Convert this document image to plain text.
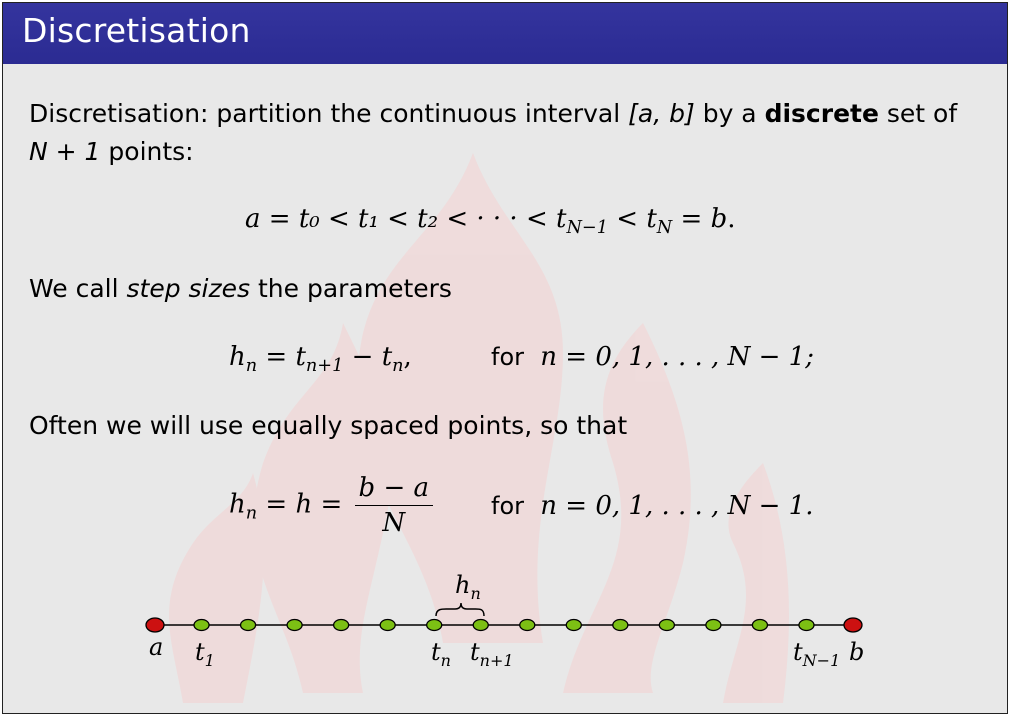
Discretisation
Discretisation: partition the continuous interval [a, b] by a discrete set of
N + 1 points:
a = t₀ < t₁ < t₂ < · · · < $t_{N-1} < t_N = b$.
We call step sizes the parameters
$h_n = t_{n+1} - t_n$,	for n = 0, 1, . . . , N − 1;
Often we will use equally spaced points, so that
$h_n = h = \frac{b - a}{N}$ for n = 0, 1, . . . , N − 1.
$h_n$
a $t_1$	$t_n$ $t_{n+1}$	$t_{N-1}$ b
